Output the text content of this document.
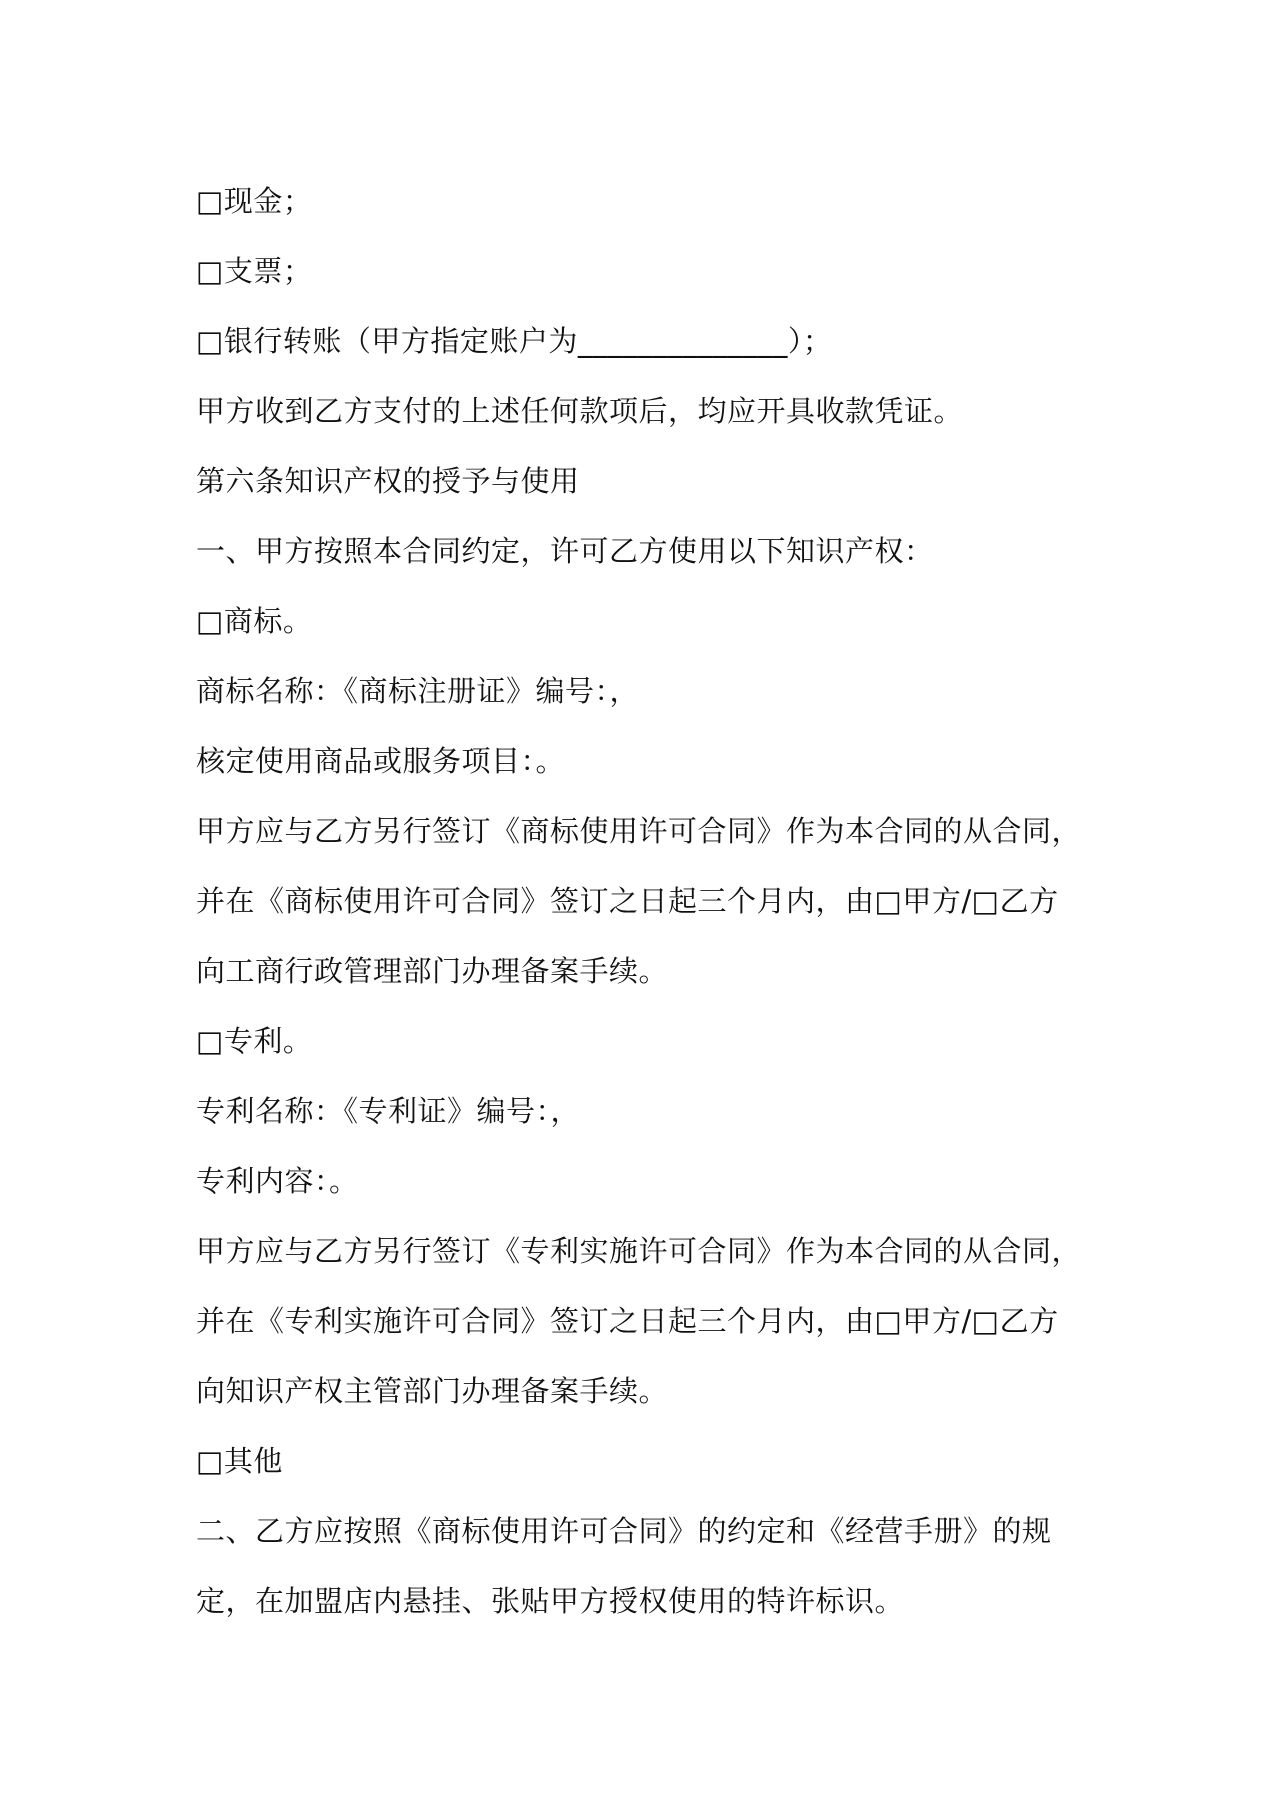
□现金；
□支票；
□银行转账（甲方指定账户为______________）；
甲方收到乙方支付的上述任何款项后，均应开具收款凭证。
第六条知识产权的授予与使用
一、甲方按照本合同约定，许可乙方使用以下知识产权：
□商标。
商标名称：《商标注册证》编号：，
核定使用商品或服务项目：。
甲方应与乙方另行签订《商标使用许可合同》作为本合同的从合同，
并在《商标使用许可合同》签订之日起三个月内，由□甲方/□乙方
向工商行政管理部门办理备案手续。
□专利。
专利名称：《专利证》编号：，
专利内容：。
甲方应与乙方另行签订《专利实施许可合同》作为本合同的从合同，
并在《专利实施许可合同》签订之日起三个月内，由□甲方/□乙方
向知识产权主管部门办理备案手续。
□其他
二、乙方应按照《商标使用许可合同》的约定和《经营手册》的规
定，在加盟店内悬挂、张贴甲方授权使用的特许标识。
